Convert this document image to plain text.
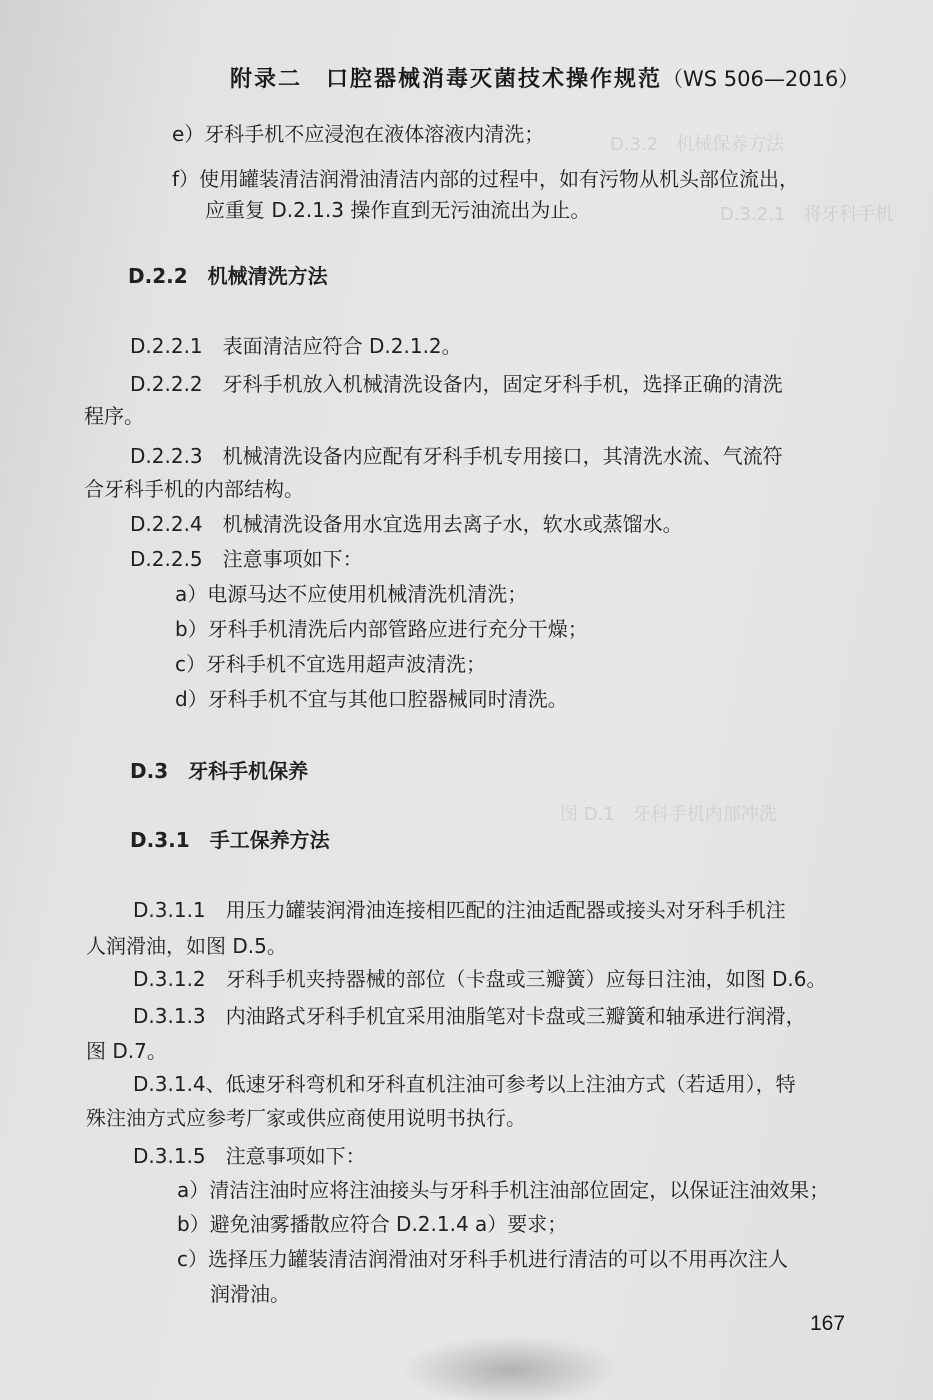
D.3.2　机械保养方法
D.3.2.1　将牙科手机
图 D.1　牙科手机内部冲洗
附录二　口腔器械消毒灭菌技术操作规范（WS 506—2016）
e）牙科手机不应浸泡在液体溶液内清洗；
f）使用罐装清洁润滑油清洁内部的过程中，如有污物从机头部位流出，
应重复 D.2.1.3 操作直到无污油流出为止。
D.2.2　机械清洗方法
D.2.2.1　表面清洁应符合 D.2.1.2。
D.2.2.2　牙科手机放入机械清洗设备内，固定牙科手机，选择正确的清洗
程序。
D.2.2.3　机械清洗设备内应配有牙科手机专用接口，其清洗水流、气流符
合牙科手机的内部结构。
D.2.2.4　机械清洗设备用水宜选用去离子水，软水或蒸馏水。
D.2.2.5　注意事项如下：
a）电源马达不应使用机械清洗机清洗；
b）牙科手机清洗后内部管路应进行充分干燥；
c）牙科手机不宜选用超声波清洗；
d）牙科手机不宜与其他口腔器械同时清洗。
D.3　牙科手机保养
D.3.1　手工保养方法
D.3.1.1　用压力罐装润滑油连接相匹配的注油适配器或接头对牙科手机注
人润滑油，如图 D.5。
D.3.1.2　牙科手机夹持器械的部位（卡盘或三瓣簧）应每日注油，如图 D.6。
D.3.1.3　内油路式牙科手机宜采用油脂笔对卡盘或三瓣簧和轴承进行润滑，
图 D.7。
D.3.1.4、低速牙科弯机和牙科直机注油可参考以上注油方式（若适用），特
殊注油方式应参考厂家或供应商使用说明书执行。
D.3.1.5　注意事项如下：
a）清洁注油时应将注油接头与牙科手机注油部位固定，以保证注油效果；
b）避免油雾播散应符合 D.2.1.4 a）要求；
c）选择压力罐装清洁润滑油对牙科手机进行清洁的可以不用再次注人
润滑油。
167
